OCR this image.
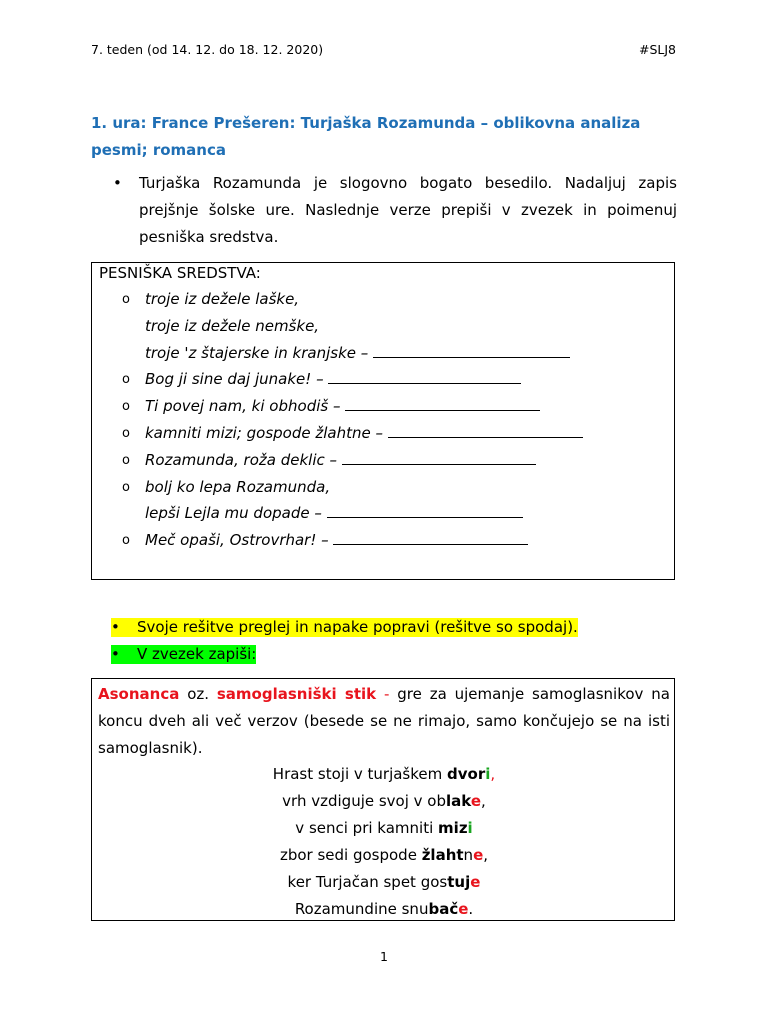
7. teden (od 14. 12. do 18. 12. 2020)	#SLJ8
1. ura: France Prešeren: Turjaška Rozamunda – oblikovna analiza pesmi; romanca
•	Turjaška Rozamunda je slogovno bogato besedilo. Nadaljuj zapis prejšnje šolske ure. Naslednje verze prepiši v zvezek in poimenuj pesniška sredstva.
PESNIŠKA SREDSTVA:
o troje iz dežele laške,
troje iz dežele nemške,
troje 'z štajerske in kranjske –
o Bog ji sine daj junake! –
o Ti povej nam, ki obhodiš –
o kamniti mizi; gospode žlahtne –
o Rozamunda, roža deklic –
o bolj ko lepa Rozamunda,
lepši Lejla mu dopade –
o Meč opaši, Ostrovrhar! –
• Svoje rešitve preglej in napake popravi (rešitve so spodaj).
• V zvezek zapiši:
Asonanca oz. samoglasniški stik - gre za ujemanje samoglasnikov na koncu dveh ali več verzov (besede se ne rimajo, samo končujejo se na isti samoglasnik).
Hrast stoji v turjaškem dvori,
vrh vzdiguje svoj v oblake,
v senci pri kamniti mizi
zbor sedi gospode žlahtne,
ker Turjačan spet gostuje
Rozamundine snubače.
1
